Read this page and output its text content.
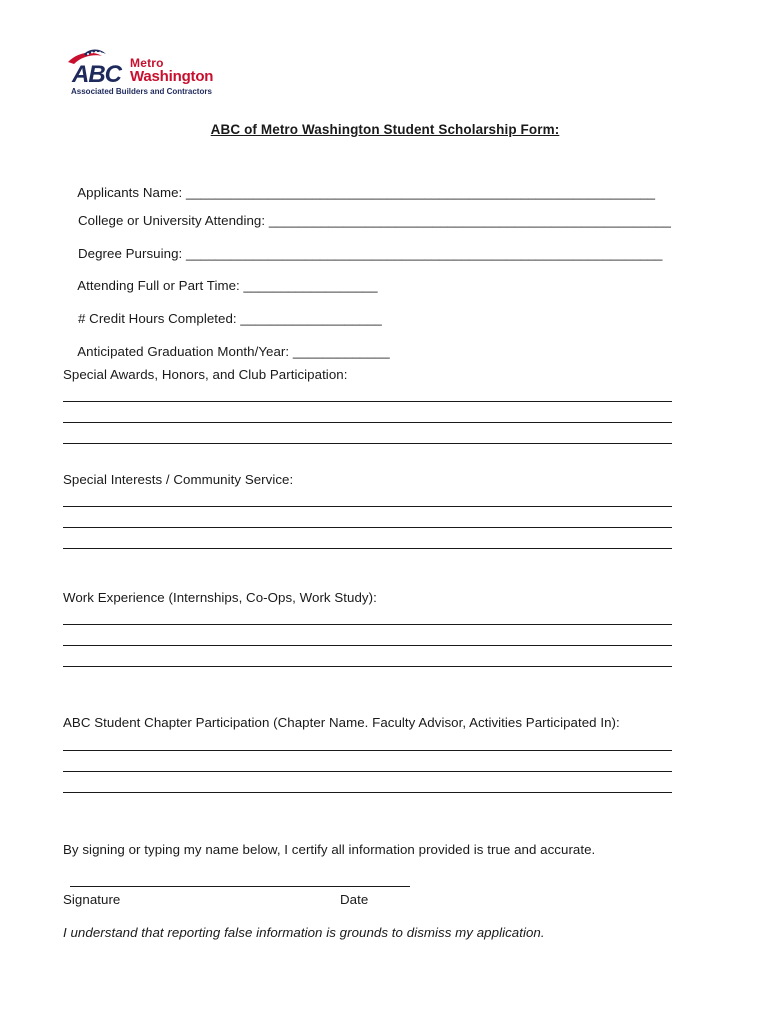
ABC Metro
Washington
Associated Builders and Contractors
ABC of Metro Washington Student Scholarship Form:

Applicants Name: _______________________________________________________________

College or University Attending: ______________________________________________________

Degree Pursuing: ________________________________________________________________

Attending Full or Part Time: __________________

# Credit Hours Completed: ___________________

Anticipated Graduation Month/Year: _____________

Special Awards, Honors, and Club Participation:
Special Interests / Community Service:
Work Experience (Internships, Co-Ops, Work Study):
ABC Student Chapter Participation (Chapter Name. Faculty Advisor, Activities Participated In):
By signing or typing my name below, I certify all information provided is true and accurate.
Signature	Date
I understand that reporting false information is grounds to dismiss my application.
